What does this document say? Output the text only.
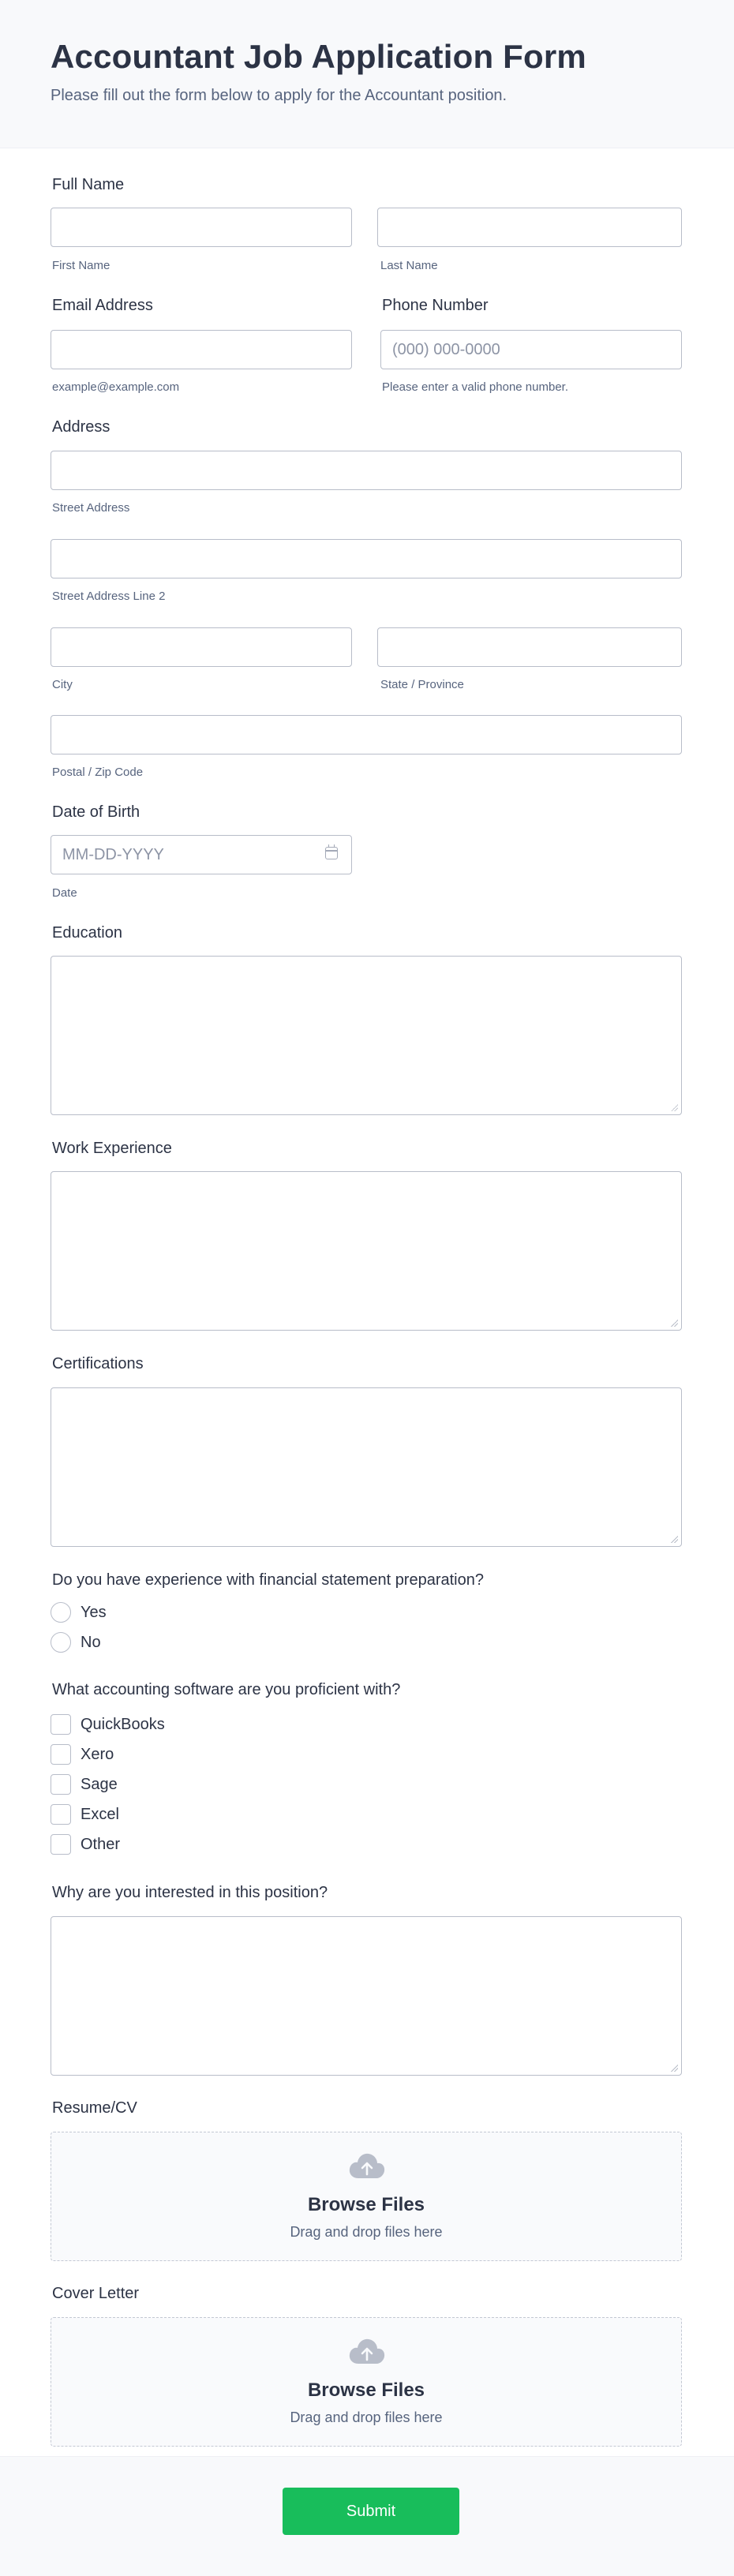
Accountant Job Application Form
Please fill out the form below to apply for the Accountant position.
Full Name
First Name	Last Name
Email Address	Phone Number
(000) 000-0000
example@example.com	Please enter a valid phone number.
Address
Street Address
Street Address Line 2
City	State / Province
Postal / Zip Code
Date of Birth
MM-DD-YYYY
Date
Education
Work Experience
Certifications
Do you have experience with financial statement preparation?
Yes
No
What accounting software are you proficient with?
QuickBooks
Xero
Sage
Excel
Other
Why are you interested in this position?
Resume/CV
Browse Files
Drag and drop files here
Cover Letter
Browse Files
Drag and drop files here
Submit
